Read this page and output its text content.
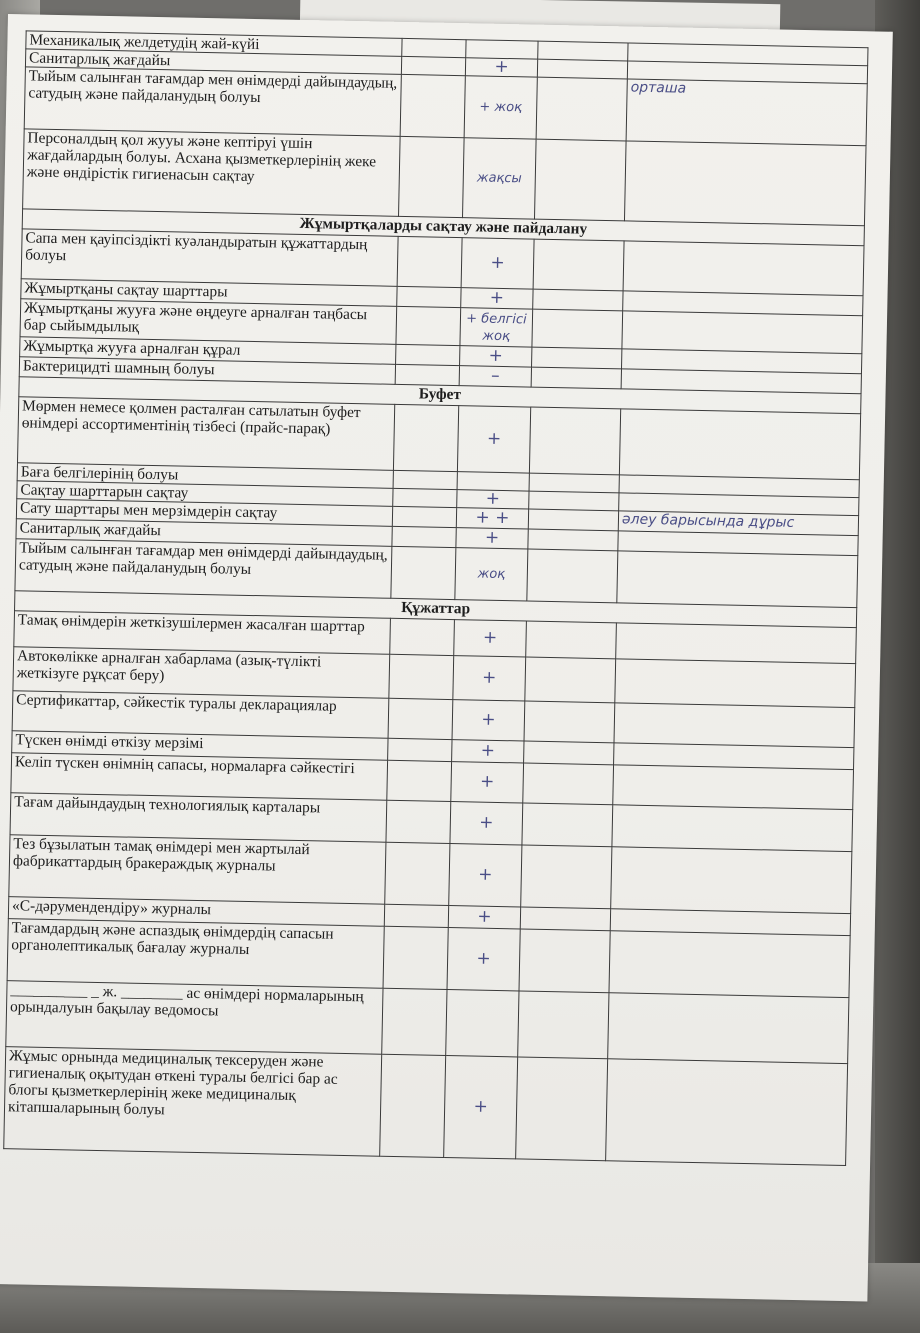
Механикалық желдетудің жай-күйі				
Санитарлық жағдайы		+		
Тыйым салынған тағамдар мен өнімдерді дайындаудың, сатудың және пайдаланудың болуы		+ жоқ		орташа
Персоналдың қол жууы және кептіруі үшін жағдайлардың болуы. Асхана қызметкерлерінің жеке және өндірістік гигиенасын сақтау		жақсы		
Жұмыртқаларды сақтау және пайдалану				
Сапа мен қауіпсіздікті куәландыратын құжаттардың болуы		+		
Жұмыртқаны сақтау шарттары		+		
Жұмыртқаны жууға және өңдеуге арналған таңбасы бар сыйымдылық		+ белгісі жоқ		
Жұмыртқа жууға арналған құрал		+		
Бактерицидті шамның болуы		–		
Буфет				
Мөрмен немесе қолмен расталған сатылатын буфет өнімдері ассортиментінің тізбесі (прайс-парақ)		+		
Баға белгілерінің болуы				
Сақтау шарттарын сақтау		+		
Сату шарттары мен мерзімдерін сақтау		+ +		әлеу барысында дұрыс
Санитарлық жағдайы		+		
Тыйым салынған тағамдар мен өнімдерді дайындаудың, сатудың және пайдаланудың болуы		жоқ		
Құжаттар				
Тамақ өнімдерін жеткізушілермен жасалған шарттар		+		
Автокөлікке арналған хабарлама (азық-түлікті жеткізуге рұқсат беру)		+		
Сертификаттар, сәйкестік туралы декларациялар		+		
Түскен өнімді өткізу мерзімі		+		
Келіп түскен өнімнің сапасы, нормаларға сәйкестігі		+		
Тағам дайындаудың технологиялық карталары		+		
Тез бұзылатын тамақ өнімдері мен жартылай фабрикаттардың бракераждық журналы		+		
«С-дәрумендендіру» журналы		+		
Тағамдардың және аспаздық өнімдердің сапасын органолептикалық бағалау журналы		+		
__________ _ ж. ________ ас өнімдері нормаларының орындалуын бақылау ведомосы				
Жұмыс орнында медициналық тексеруден және гигиеналық оқытудан өткені туралы белгісі бар ас блогы қызметкерлерінің жеке медициналық кітапшаларының болуы		+		
